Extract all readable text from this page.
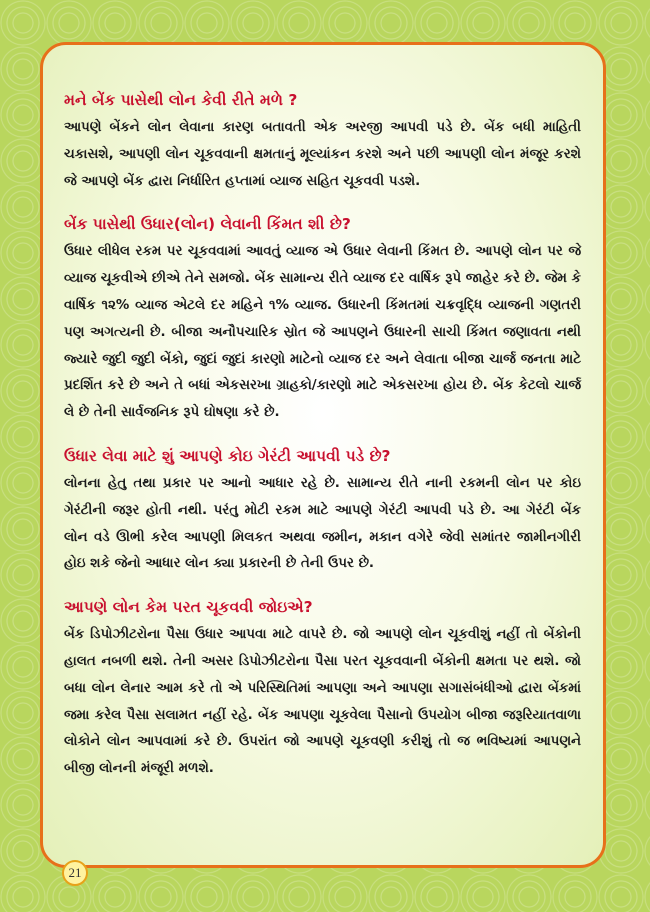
મને બેંક પાસેથી લોન કેવી રીતે મળે ?

આપણે બેંકને લોન લેવાના કારણ બતાવતી એક અરજી આપવી પડે છે. બેંક બધી માહિતી ચકાસશે, આપણી લોન ચૂકવવાની ક્ષમતાનું મૂલ્યાંકન કરશે અને પછી આપણી લોન મંજૂર કરશે જે આપણે બેંક દ્વારા નિર્ધારિત હપ્તામાં વ્યાજ સહિત ચૂકવવી પડશે.

બેંક પાસેથી ઉધાર(લોન) લેવાની કિંમત શી છે?

ઉધાર લીધેલ રકમ પર ચૂકવવામાં આવતું વ્યાજ એ ઉધાર લેવાની કિંમત છે. આપણે લોન પર જે વ્યાજ ચૂકવીએ છીએ તેને સમજો. બેંક સામાન્ય રીતે વ્યાજ દર વાર્ષિક રૂપે જાહેર કરે છે. જેમ કે વાર્ષિક ૧૨% વ્યાજ એટલે દર મહિને ૧% વ્યાજ. ઉધારની કિંમતમાં ચક્રવૃદ્ધિ વ્યાજની ગણતરી પણ અગત્યની છે. બીજા અનૌપચારિક સ્રોત જે આપણને ઉધારની સાચી કિંમત જણાવતા નથી જ્યારે જુદી જુદી બેંકો, જુદાં જુદાં કારણો માટેનો વ્યાજ દર અને લેવાતા બીજા ચાર્જ જનતા માટે પ્રદર્શિત કરે છે અને તે બધાં એકસરખા ગ્રાહકો/કારણો માટે એકસરખા હોય છે. બેંક કેટલો ચાર્જ લે છે તેની સાર્વજનિક રૂપે ઘોષણા કરે છે.

ઉધાર લેવા માટે શું આપણે કોઇ ગેરંટી આપવી પડે છે?

લોનના હેતુ તથા પ્રકાર પર આનો આધાર રહે છે. સામાન્ય રીતે નાની રકમની લોન પર કોઇ ગેરંટીની જરૂર હોતી નથી. પરંતુ મોટી રકમ માટે આપણે ગેરંટી આપવી પડે છે. આ ગેરંટી બેંક લોન વડે ઊભી કરેલ આપણી મિલકત અથવા જમીન, મકાન વગેરે જેવી સમાંતર જામીનગીરી હોઇ શકે જેનો આધાર લોન ક્યા પ્રકારની છે તેની ઉપર છે.

આપણે લોન કેમ પરત ચૂકવવી જોઇએ?

બેંક ડિપોઝીટરોના પૈસા ઉધાર આપવા માટે વાપરે છે. જો આપણે લોન ચૂકવીશું નહીં તો બેંકોની હાલત નબળી થશે. તેની અસર ડિપોઝીટરોના પૈસા પરત ચૂકવવાની બેંકોની ક્ષમતા પર થશે. જો બધા લોન લેનાર આમ કરે તો એ પરિસ્થિતિમાં આપણા અને આપણા સગાસંબંધીઓ દ્વારા બેંકમાં જમા કરેલ પૈસા સલામત નહીં રહે. બેંક આપણા ચૂકવેલા પૈસાનો ઉપયોગ બીજા જરૂરિયાતવાળા લોકોને લોન આપવામાં કરે છે. ઉપરાંત જો આપણે ચૂકવણી કરીશું તો જ ભવિષ્યમાં આપણને બીજી લોનની મંજૂરી મળશે.

21
